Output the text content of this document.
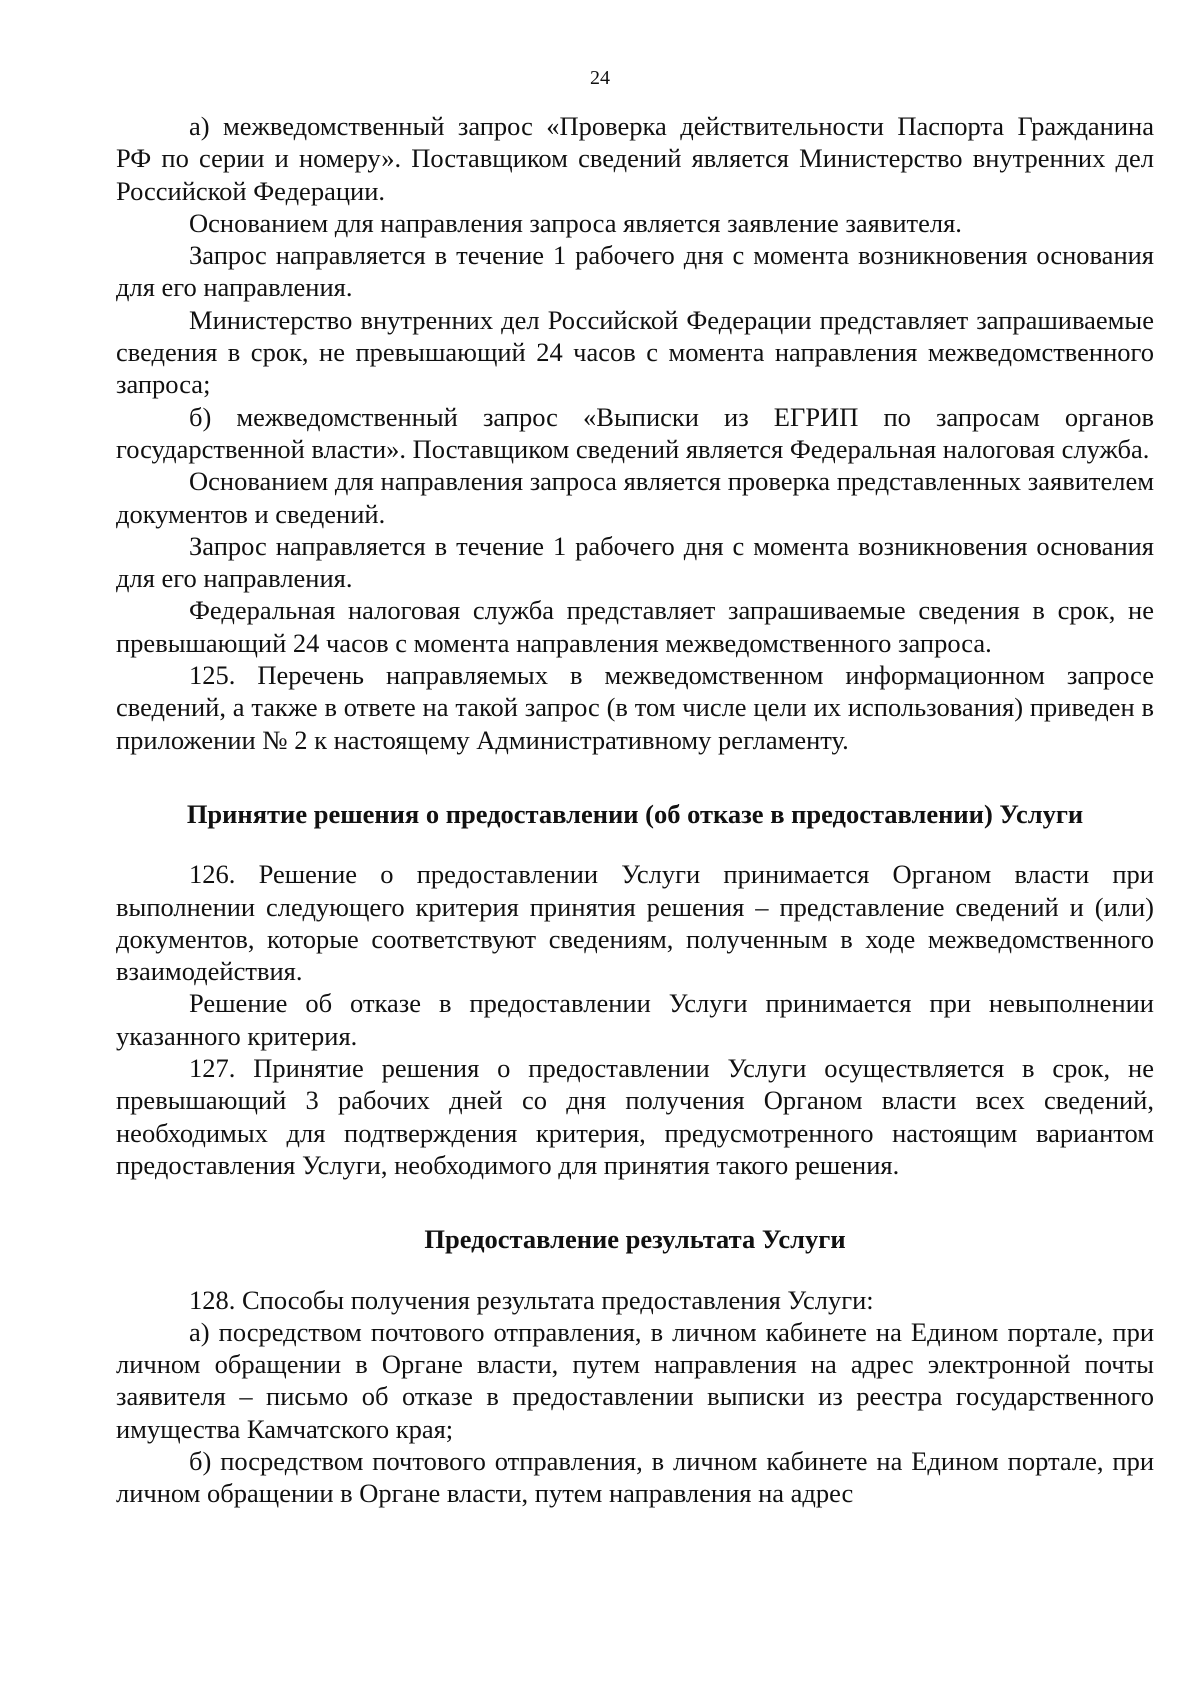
24

а) межведомственный запрос «Проверка действительности Паспорта Гражданина РФ по серии и номеру». Поставщиком сведений является Министерство внутренних дел Российской Федерации.

Основанием для направления запроса является заявление заявителя.

Запрос направляется в течение 1 рабочего дня с момента возникновения основания для его направления.

Министерство внутренних дел Российской Федерации представляет запрашиваемые сведения в срок, не превышающий 24 часов с момента направления межведомственного запроса;

б) межведомственный запрос «Выписки из ЕГРИП по запросам органов государственной власти». Поставщиком сведений является Федеральная налоговая служба.

Основанием для направления запроса является проверка представленных заявителем документов и сведений.

Запрос направляется в течение 1 рабочего дня с момента возникновения основания для его направления.

Федеральная налоговая служба представляет запрашиваемые сведения в срок, не превышающий 24 часов с момента направления межведомственного запроса.

125. Перечень направляемых в межведомственном информационном запросе сведений, а также в ответе на такой запрос (в том числе цели их использования) приведен в приложении № 2 к настоящему Административному регламенту.

Принятие решения о предоставлении (об отказе в предоставлении) Услуги

126. Решение о предоставлении Услуги принимается Органом власти при выполнении следующего критерия принятия решения – представление сведений и (или) документов, которые соответствуют сведениям, полученным в ходе межведомственного взаимодействия.

Решение об отказе в предоставлении Услуги принимается при невыполнении указанного критерия.

127. Принятие решения о предоставлении Услуги осуществляется в срок, не превышающий 3 рабочих дней со дня получения Органом власти всех сведений, необходимых для подтверждения критерия, предусмотренного настоящим вариантом предоставления Услуги, необходимого для принятия такого решения.

Предоставление результата Услуги

128. Способы получения результата предоставления Услуги:

а) посредством почтового отправления, в личном кабинете на Едином портале, при личном обращении в Органе власти, путем направления на адрес электронной почты заявителя – письмо об отказе в предоставлении выписки из реестра государственного имущества Камчатского края;

б) посредством почтового отправления, в личном кабинете на Едином портале, при личном обращении в Органе власти, путем направления на адрес
